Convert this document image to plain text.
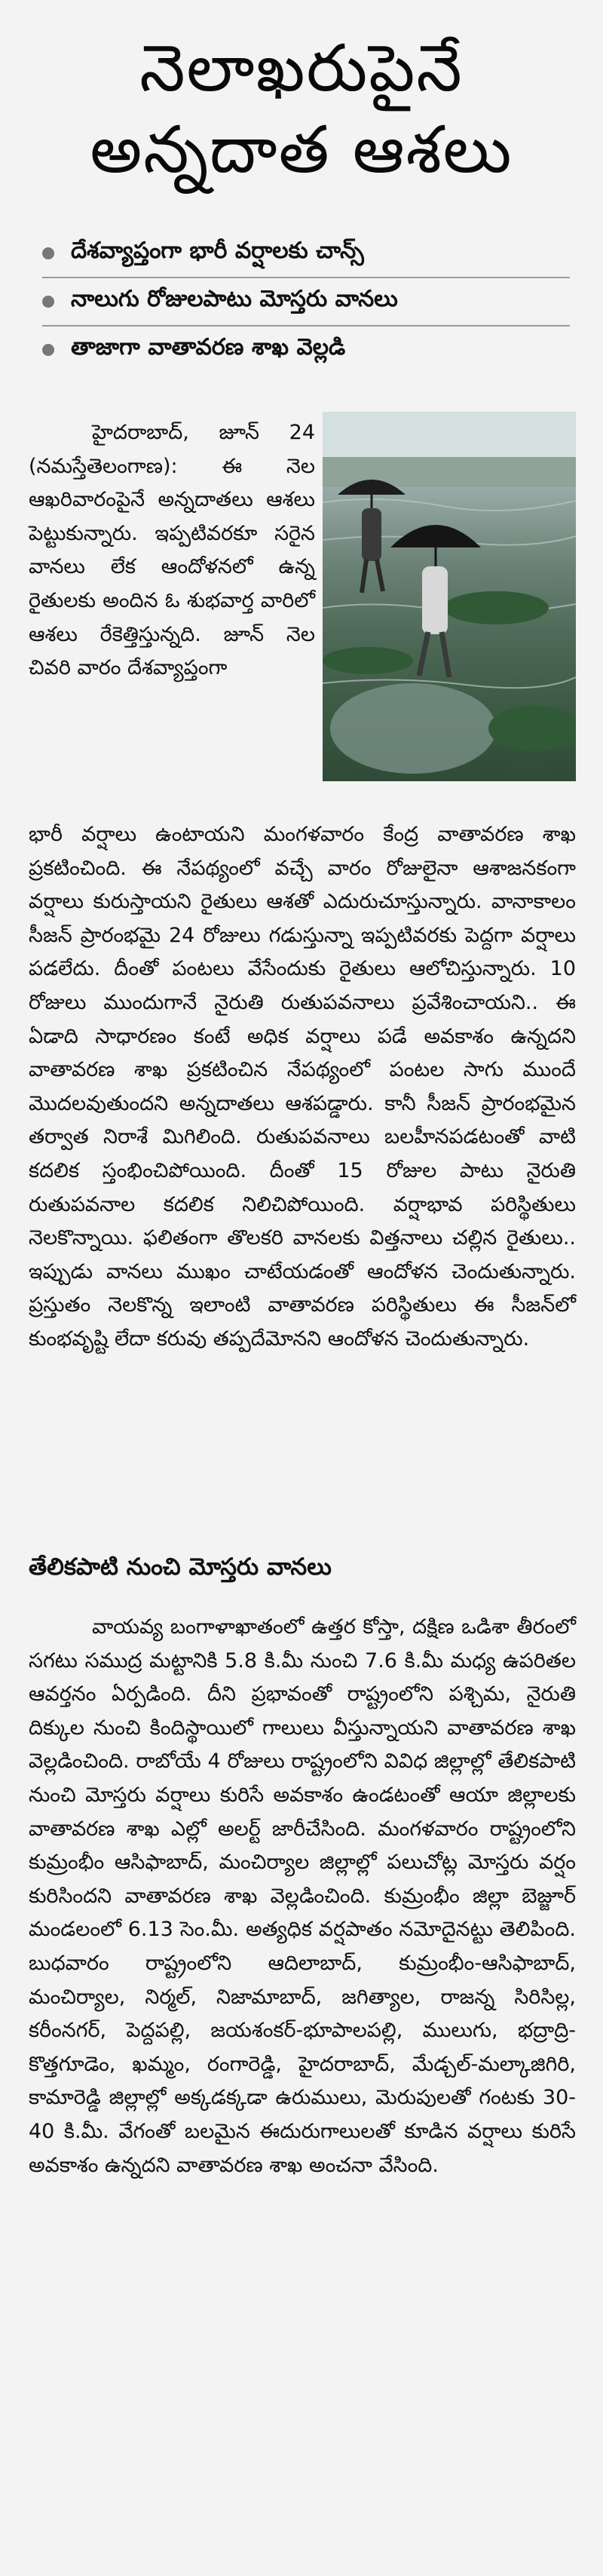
నెలాఖరుపైనే
అన్నదాత ఆశలు
దేశవ్యాప్తంగా భారీ వర్షాలకు చాన్స్
నాలుగు రోజులపాటు మోస్తరు వానలు
తాజాగా వాతావరణ శాఖ వెల్లడి

హైదరాబాద్, జూన్ 24 (నమస్తేతెలంగాణ): ఈ నెల ఆఖరివారంపైనే అన్నదాతలు ఆశలు పెట్టుకున్నారు. ఇప్పటివరకూ సరైన వానలు లేక ఆందోళనలో ఉన్న రైతులకు అందిన ఓ శుభవార్త వారిలో ఆశలు రేకెత్తిస్తున్నది. జూన్ నెల చివరి వారం దేశవ్యాప్తంగా

భారీ వర్షాలు ఉంటాయని మంగళవారం కేంద్ర వాతావరణ శాఖ ప్రకటించింది. ఈ నేపథ్యంలో వచ్చే వారం రోజులైనా ఆశాజనకంగా వర్షాలు కురుస్తాయని రైతులు ఆశతో ఎదురుచూస్తున్నారు. వానాకాలం సీజన్ ప్రారంభమై 24 రోజులు గడుస్తున్నా ఇప్పటివరకు పెద్దగా వర్షాలు పడలేదు. దీంతో పంటలు వేసేందుకు రైతులు ఆలోచిస్తున్నారు. 10 రోజులు ముందుగానే నైరుతి రుతుపవనాలు ప్రవేశించాయని.. ఈ ఏడాది సాధారణం కంటే అధిక వర్షాలు పడే అవకాశం ఉన్నదని వాతావరణ శాఖ ప్రకటించిన నేపథ్యంలో పంటల సాగు ముందే మొదలవుతుందని అన్నదాతలు ఆశపడ్డారు. కానీ సీజన్ ప్రారంభమైన తర్వాత నిరాశే మిగిలింది. రుతుపవనాలు బలహీనపడటంతో వాటి కదలిక స్తంభించిపోయింది. దీంతో 15 రోజుల పాటు నైరుతి రుతుపవనాల కదలిక నిలిచిపోయింది. వర్షాభావ పరిస్థితులు నెలకొన్నాయి. ఫలితంగా తొలకరి వానలకు విత్తనాలు చల్లిన రైతులు.. ఇప్పుడు వానలు ముఖం చాటేయడంతో ఆందోళన చెందుతున్నారు. ప్రస్తుతం నెలకొన్న ఇలాంటి వాతావరణ పరిస్థితులు ఈ సీజన్‌లో కుంభవృష్టి లేదా కరువు తప్పదేమోనని ఆందోళన చెందుతున్నారు.

తేలికపాటి నుంచి మోస్తరు వానలు

వాయవ్య బంగాళాఖాతంలో ఉత్తర కోస్తా, దక్షిణ ఒడిశా తీరంలో సగటు సముద్ర మట్టానికి 5.8 కి.మీ నుంచి 7.6 కి.మీ మధ్య ఉపరితల ఆవర్తనం ఏర్పడింది. దీని ప్రభావంతో రాష్ట్రంలోని పశ్చిమ, నైరుతి దిక్కుల నుంచి కిందిస్థాయిలో గాలులు వీస్తున్నాయని వాతావరణ శాఖ వెల్లడించింది. రాబోయే 4 రోజులు రాష్ట్రంలోని వివిధ జిల్లాల్లో తేలికపాటి నుంచి మోస్తరు వర్షాలు కురిసే అవకాశం ఉండటంతో ఆయా జిల్లాలకు వాతావరణ శాఖ ఎల్లో అలర్ట్ జారీచేసింది. మంగళవారం రాష్ట్రంలోని కుమ్రంభీం ఆసిఫాబాద్, మంచిర్యాల జిల్లాల్లో పలుచోట్ల మోస్తరు వర్షం కురిసిందని వాతావరణ శాఖ వెల్లడించింది. కుమ్రంభీం జిల్లా బెజ్జూర్ మండలంలో 6.13 సెం.మీ. అత్యధిక వర్షపాతం నమోదైనట్టు తెలిపింది. బుధవారం రాష్ట్రంలోని ఆదిలాబాద్, కుమ్రంభీం-ఆసిఫాబాద్, మంచిర్యాల, నిర్మల్, నిజామాబాద్, జగిత్యాల, రాజన్న సిరిసిల్ల, కరీంనగర్, పెద్దపల్లి, జయశంకర్-భూపాలపల్లి, ములుగు, భద్రాద్రి-కొత్తగూడెం, ఖమ్మం, రంగారెడ్డి, హైదరాబాద్, మేడ్చల్-మల్కాజిగిరి, కామారెడ్డి జిల్లాల్లో అక్కడక్కడా ఉరుములు, మెరుపులతో గంటకు 30-40 కి.మీ. వేగంతో బలమైన ఈదురుగాలులతో కూడిన వర్షాలు కురిసే అవకాశం ఉన్నదని వాతావరణ శాఖ అంచనా వేసింది.
